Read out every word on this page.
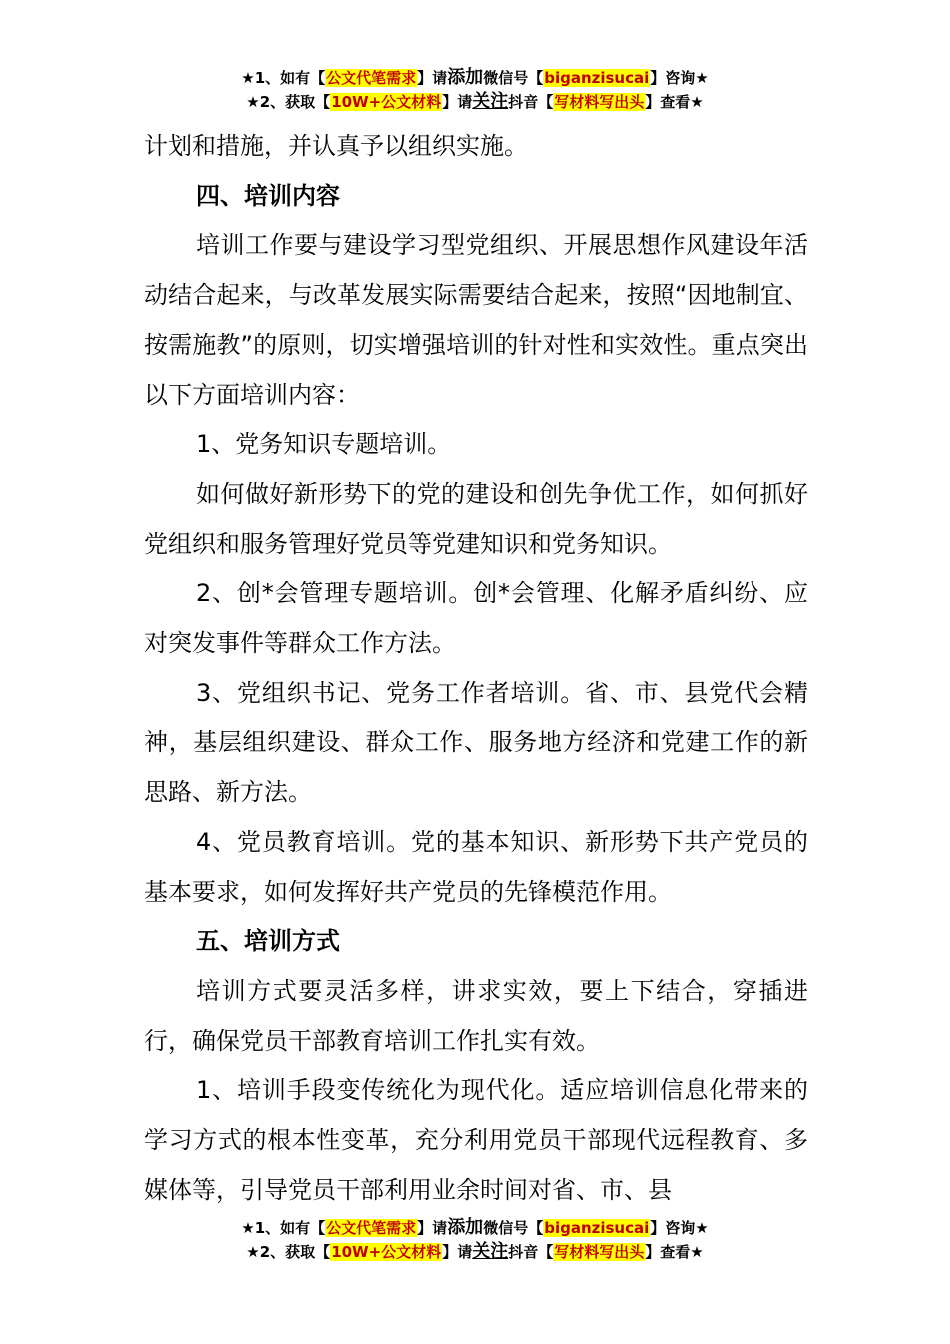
★1、如有【公文代笔需求】请添加微信号【biganzisucai】咨询★
★2、获取【10W+公文材料】请关注抖音【写材料写出头】查看★

计划和措施，并认真予以组织实施。

四、培训内容

培训工作要与建设学习型党组织、开展思想作风建设年活动结合起来，与改革发展实际需要结合起来，按照“因地制宜、按需施教”的原则，切实增强培训的针对性和实效性。重点突出以下方面培训内容：

1、党务知识专题培训。

如何做好新形势下的党的建设和创先争优工作，如何抓好党组织和服务管理好党员等党建知识和党务知识。

2、创*会管理专题培训。创*会管理、化解矛盾纠纷、应对突发事件等群众工作方法。

3、党组织书记、党务工作者培训。省、市、县党代会精神，基层组织建设、群众工作、服务地方经济和党建工作的新思路、新方法。

4、党员教育培训。党的基本知识、新形势下共产党员的基本要求，如何发挥好共产党员的先锋模范作用。

五、培训方式

培训方式要灵活多样，讲求实效，要上下结合，穿插进行，确保党员干部教育培训工作扎实有效。

1、培训手段变传统化为现代化。适应培训信息化带来的学习方式的根本性变革，充分利用党员干部现代远程教育、多媒体等，引导党员干部利用业余时间对省、市、县

★1、如有【公文代笔需求】请添加微信号【biganzisucai】咨询★
★2、获取【10W+公文材料】请关注抖音【写材料写出头】查看★
